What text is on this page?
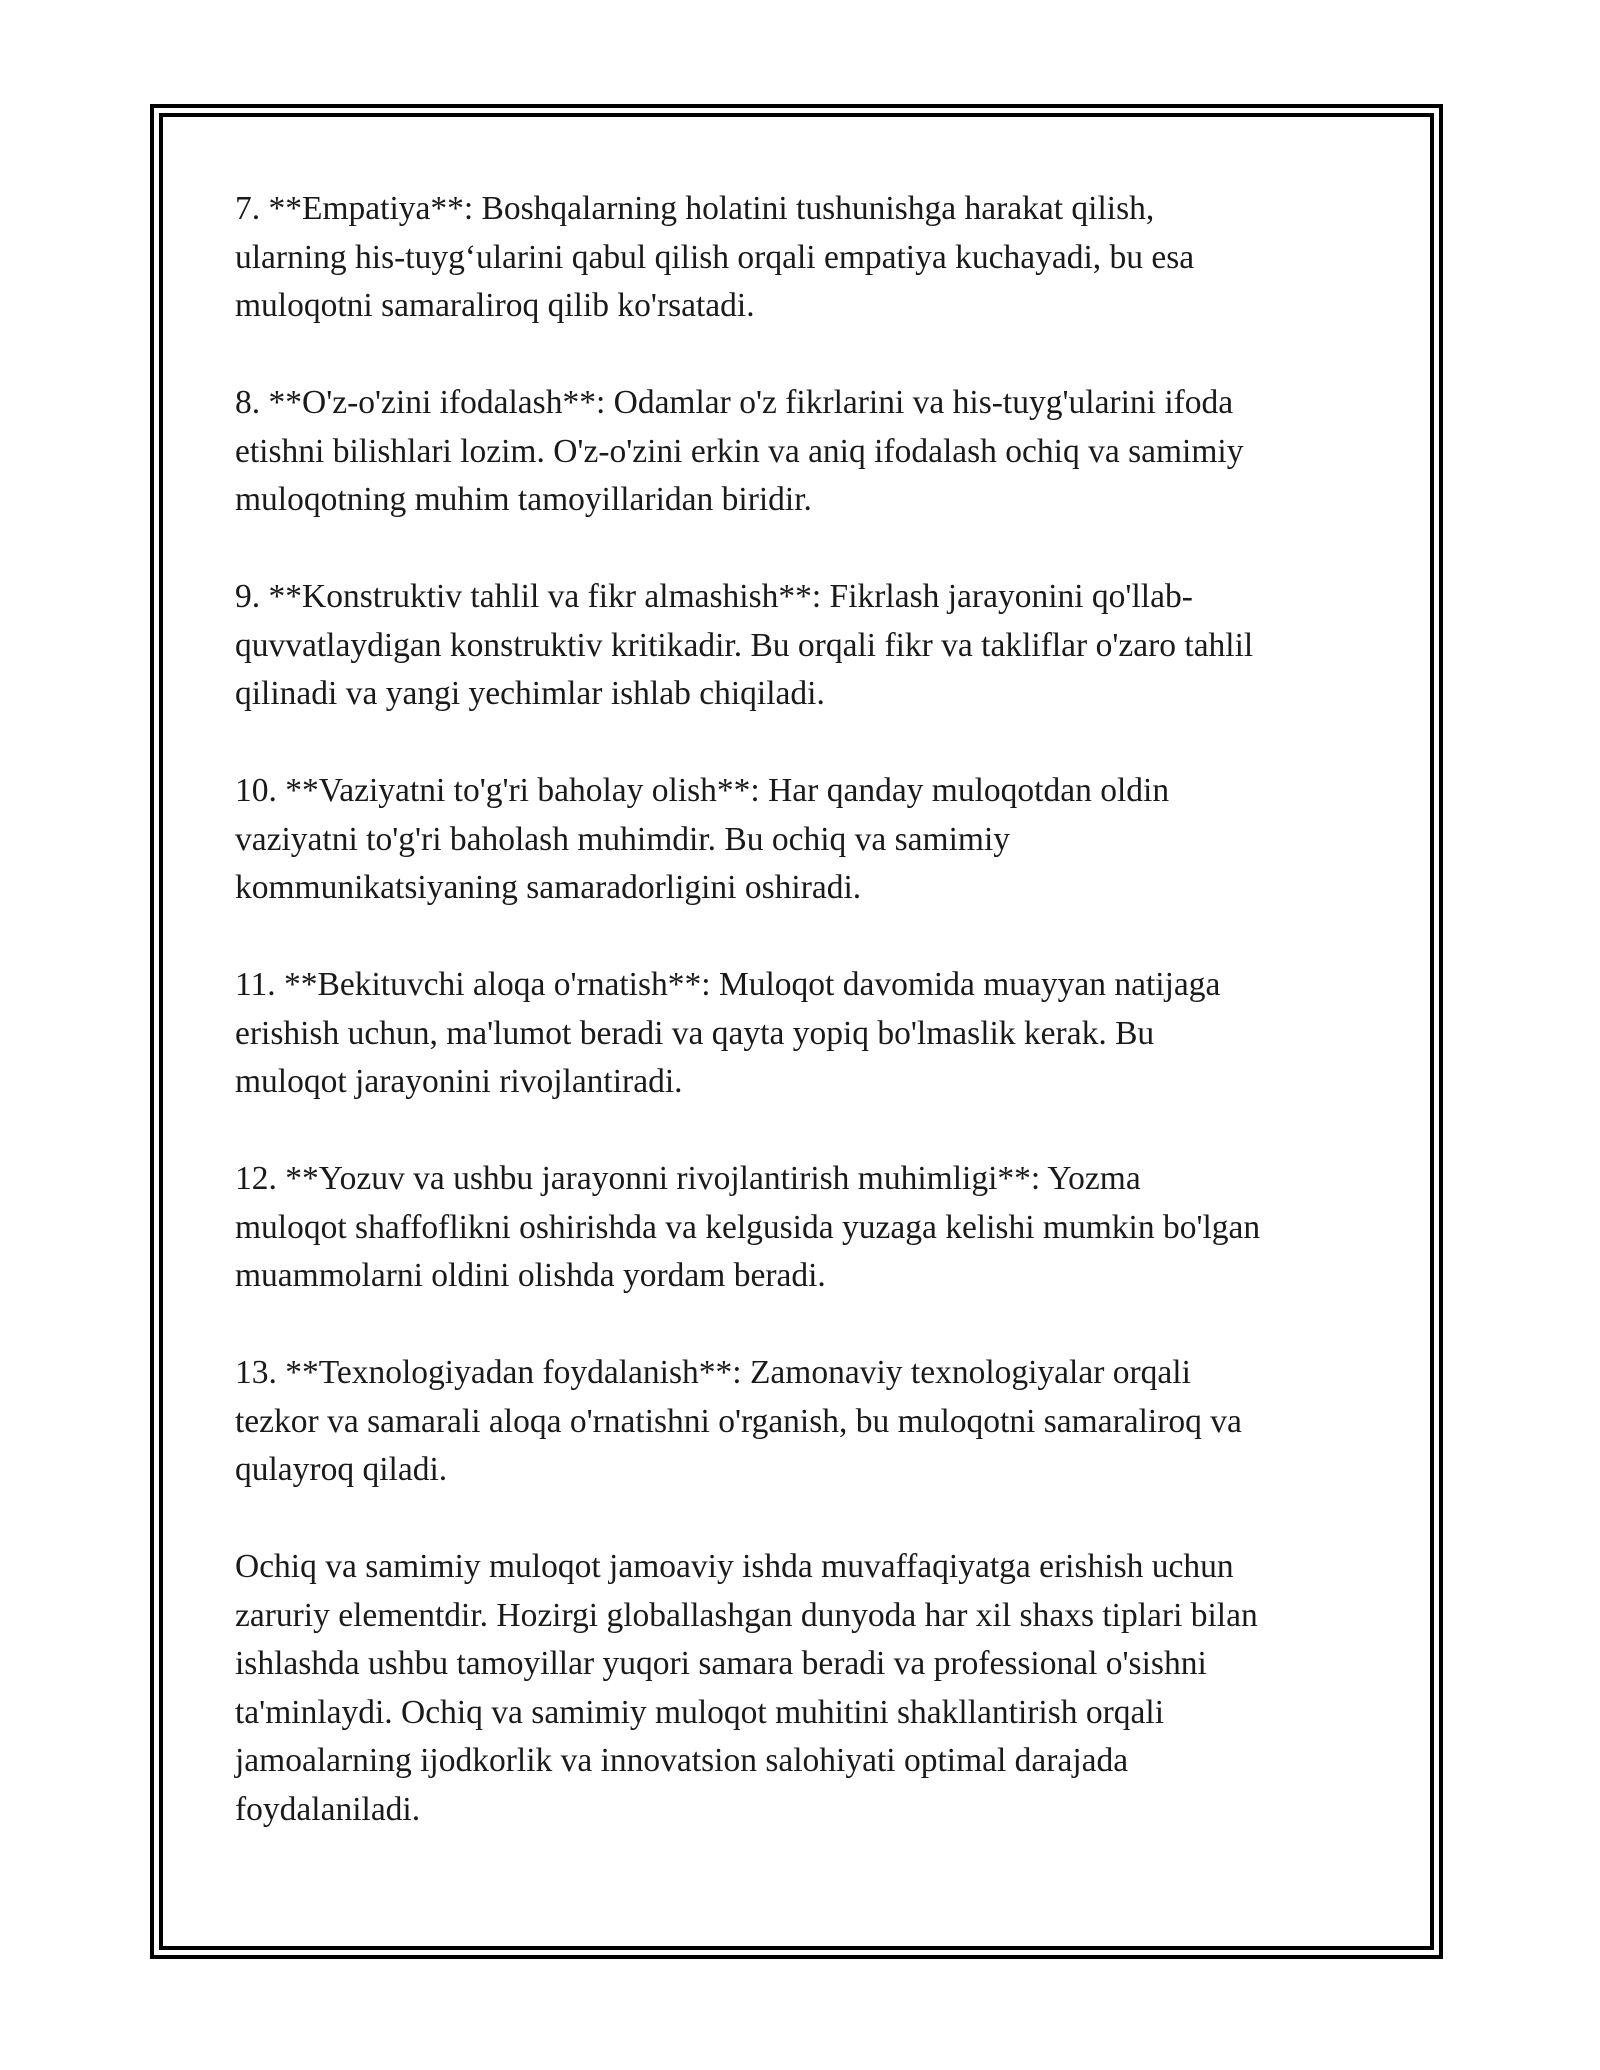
7. **Empatiya**: Boshqalarning holatini tushunishga harakat qilish,
ularning his-tuyg‘ularini qabul qilish orqali empatiya kuchayadi, bu esa
muloqotni samaraliroq qilib ko'rsatadi.

8. **O'z-o'zini ifodalash**: Odamlar o'z fikrlarini va his-tuyg'ularini ifoda
etishni bilishlari lozim. O'z-o'zini erkin va aniq ifodalash ochiq va samimiy
muloqotning muhim tamoyillaridan biridir.

9. **Konstruktiv tahlil va fikr almashish**: Fikrlash jarayonini qo'llab-
quvvatlaydigan konstruktiv kritikadir. Bu orqali fikr va takliflar o'zaro tahlil
qilinadi va yangi yechimlar ishlab chiqiladi.

10. **Vaziyatni to'g'ri baholay olish**: Har qanday muloqotdan oldin
vaziyatni to'g'ri baholash muhimdir. Bu ochiq va samimiy
kommunikatsiyaning samaradorligini oshiradi.

11. **Bekituvchi aloqa o'rnatish**: Muloqot davomida muayyan natijaga
erishish uchun, ma'lumot beradi va qayta yopiq bo'lmaslik kerak. Bu
muloqot jarayonini rivojlantiradi.

12. **Yozuv va ushbu jarayonni rivojlantirish muhimligi**: Yozma
muloqot shaffoflikni oshirishda va kelgusida yuzaga kelishi mumkin bo'lgan
muammolarni oldini olishda yordam beradi.

13. **Texnologiyadan foydalanish**: Zamonaviy texnologiyalar orqali
tezkor va samarali aloqa o'rnatishni o'rganish, bu muloqotni samaraliroq va
qulayroq qiladi.

Ochiq va samimiy muloqot jamoaviy ishda muvaffaqiyatga erishish uchun
zaruriy elementdir. Hozirgi globallashgan dunyoda har xil shaxs tiplari bilan
ishlashda ushbu tamoyillar yuqori samara beradi va professional o'sishni
ta'minlaydi. Ochiq va samimiy muloqot muhitini shakllantirish orqali
jamoalarning ijodkorlik va innovatsion salohiyati optimal darajada
foydalaniladi.
